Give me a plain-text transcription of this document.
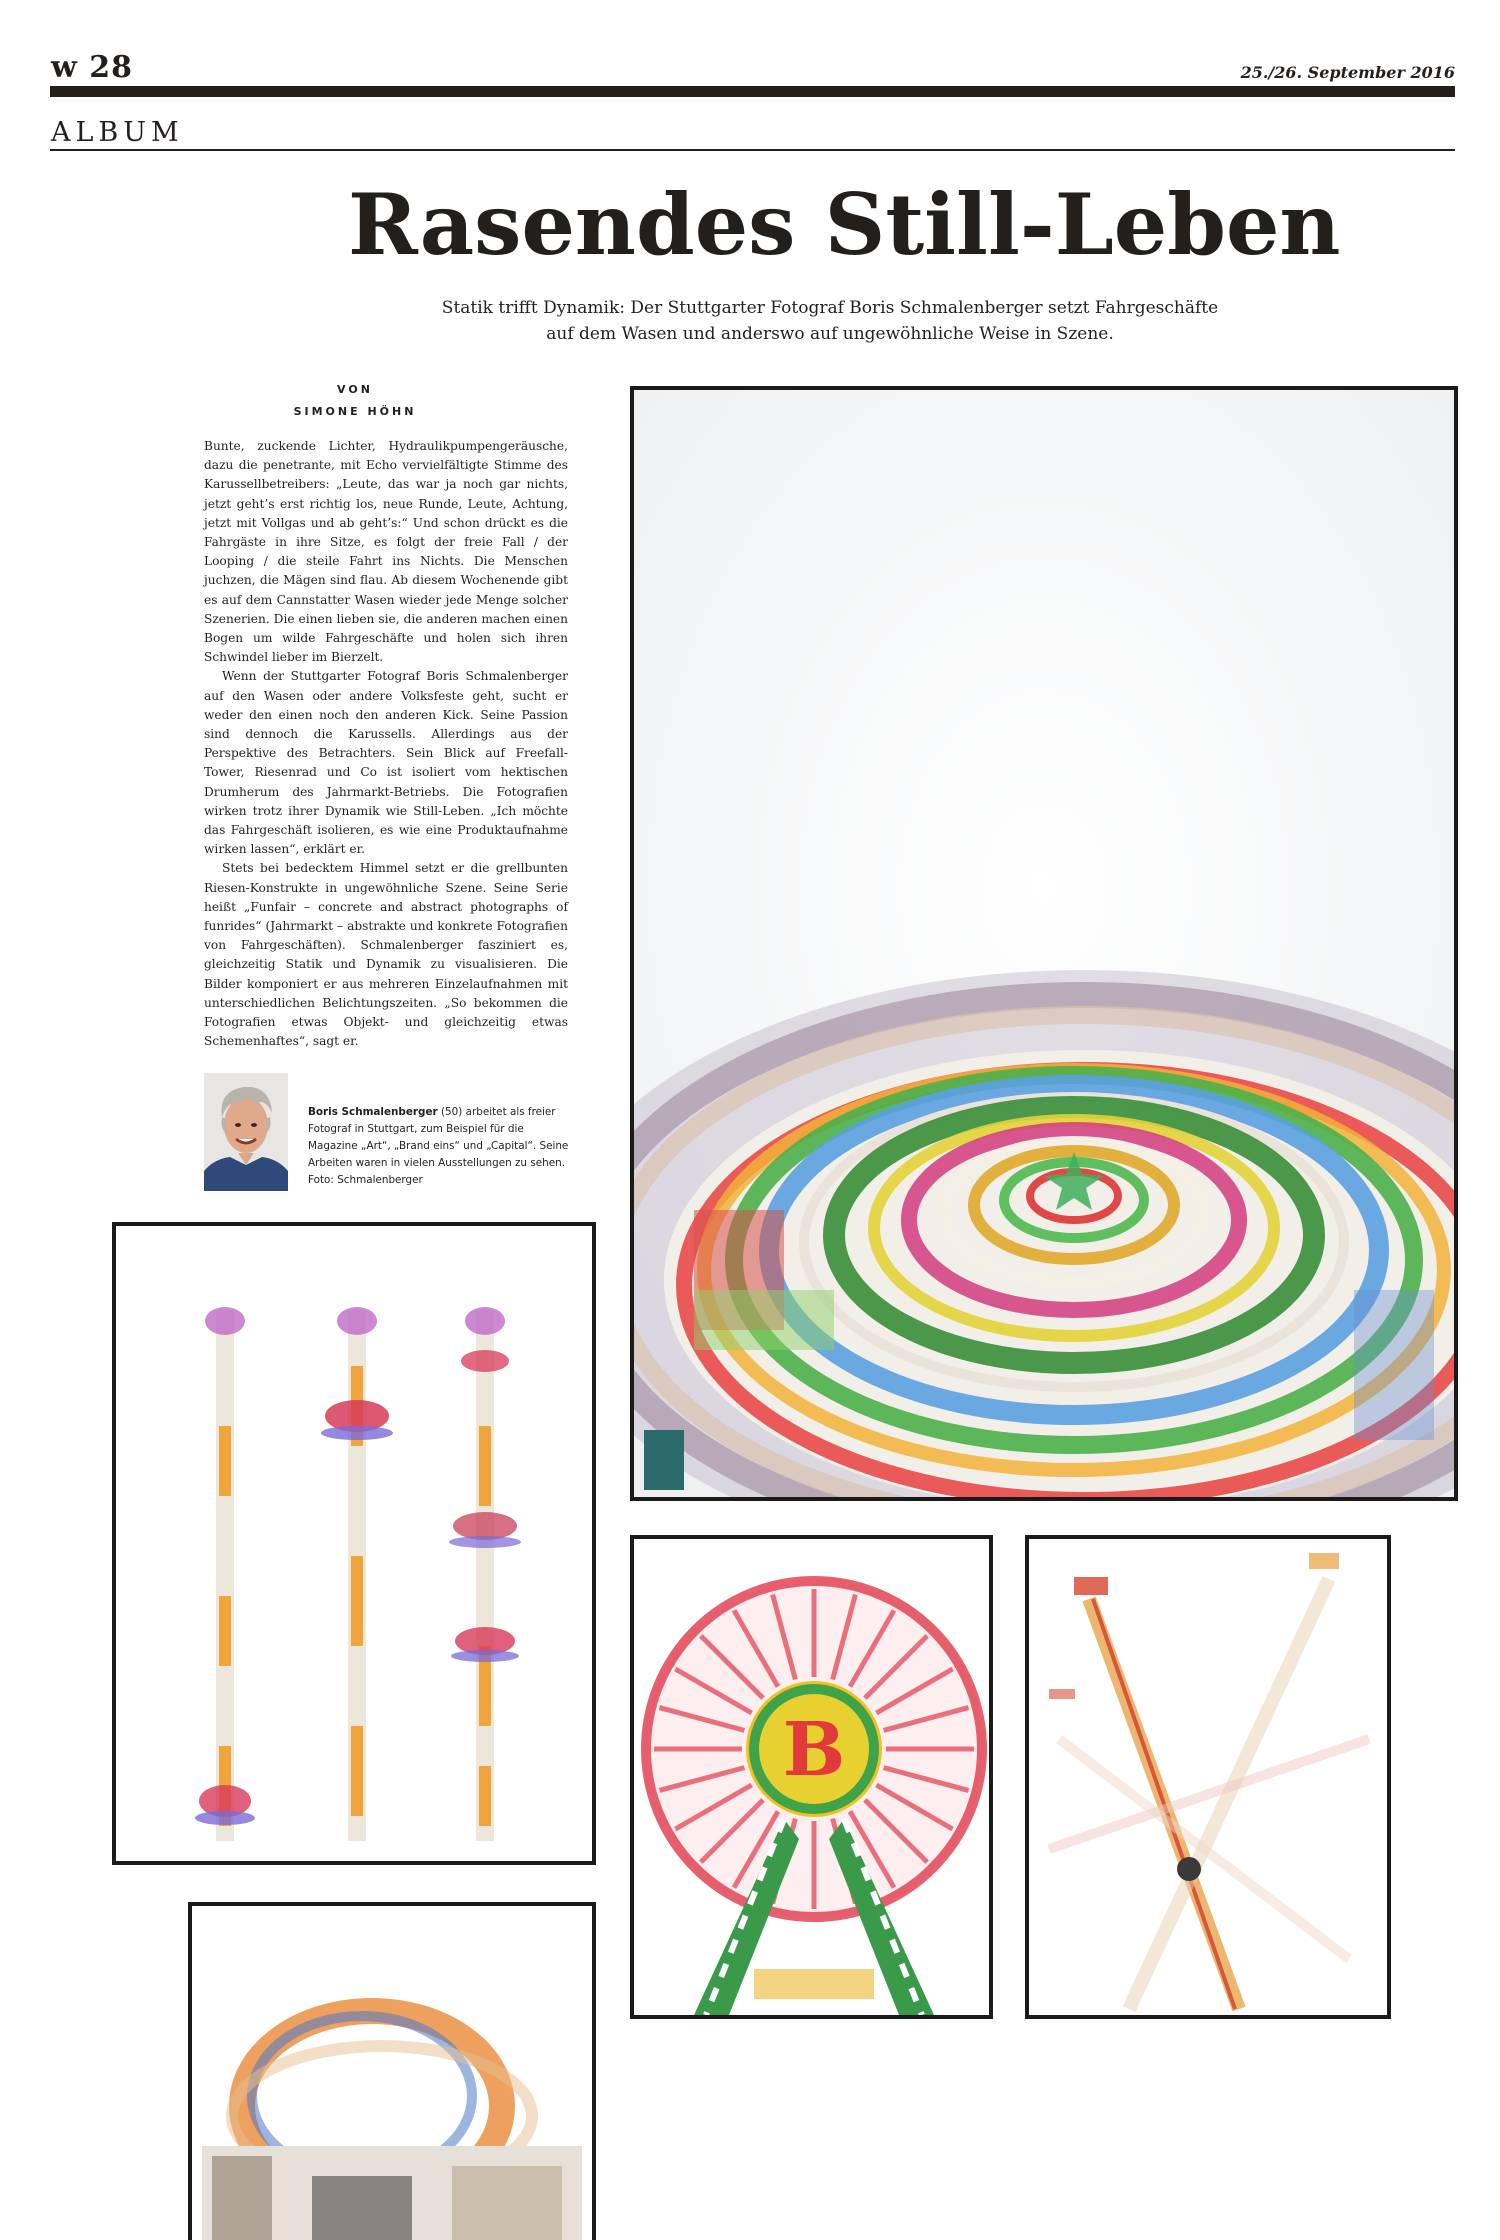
w 28	25./26. September 2016
ALBUM
Rasendes Still-Leben
Statik trifft Dynamik: Der Stuttgarter Fotograf Boris Schmalenberger setzt Fahrgeschäfte
auf dem Wasen und anderswo auf ungewöhnliche Weise in Szene.
VON
SIMONE HÖHN

Bunte, zuckende Lichter, Hydraulikpumpengeräusche, dazu die penetrante, mit Echo vervielfältigte Stimme des Karussellbetreibers: „Leute, das war ja noch gar nichts, jetzt geht’s erst richtig los, neue Runde, Leute, Achtung, jetzt mit Vollgas und ab geht’s:“ Und schon drückt es die Fahrgäste in ihre Sitze, es folgt der freie Fall / der Looping / die steile Fahrt ins Nichts. Die Menschen juchzen, die Mägen sind flau. Ab diesem Wochenende gibt es auf dem Cannstatter Wasen wieder jede Menge solcher Szenerien. Die einen lieben sie, die anderen machen einen Bogen um wilde Fahrgeschäfte und holen sich ihren Schwindel lieber im Bierzelt.

Wenn der Stuttgarter Fotograf Boris Schmalenberger auf den Wasen oder andere Volksfeste geht, sucht er weder den einen noch den anderen Kick. Seine Passion sind dennoch die Karussells. Allerdings aus der Perspektive des Betrachters. Sein Blick auf Freefall-Tower, Riesenrad und Co ist isoliert vom hektischen Drumherum des Jahrmarkt-Betriebs. Die Fotografien wirken trotz ihrer Dynamik wie Still-Leben. „Ich möchte das Fahrgeschäft isolieren, es wie eine Produktaufnahme wirken lassen“, erklärt er.

Stets bei bedecktem Himmel setzt er die grellbunten Riesen-Konstrukte in ungewöhnliche Szene. Seine Serie heißt „Funfair – concrete and abstract photographs of funrides“ (Jahrmarkt – abstrakte und konkrete Fotografien von Fahrgeschäften). Schmalenberger fasziniert es, gleichzeitig Statik und Dynamik zu visualisieren. Die Bilder komponiert er aus mehreren Einzelaufnahmen mit unterschiedlichen Belichtungszeiten. „So bekommen die Fotografien etwas Objekt- und gleichzeitig etwas Schemenhaftes“, sagt er.

Boris Schmalenberger (50) arbeitet als freier Fotograf in Stuttgart, zum Beispiel für die Magazine „Art“, „Brand eins“ und „Capital“. Seine Arbeiten waren in vielen Ausstellungen zu sehen. Foto: Schmalenberger
B
